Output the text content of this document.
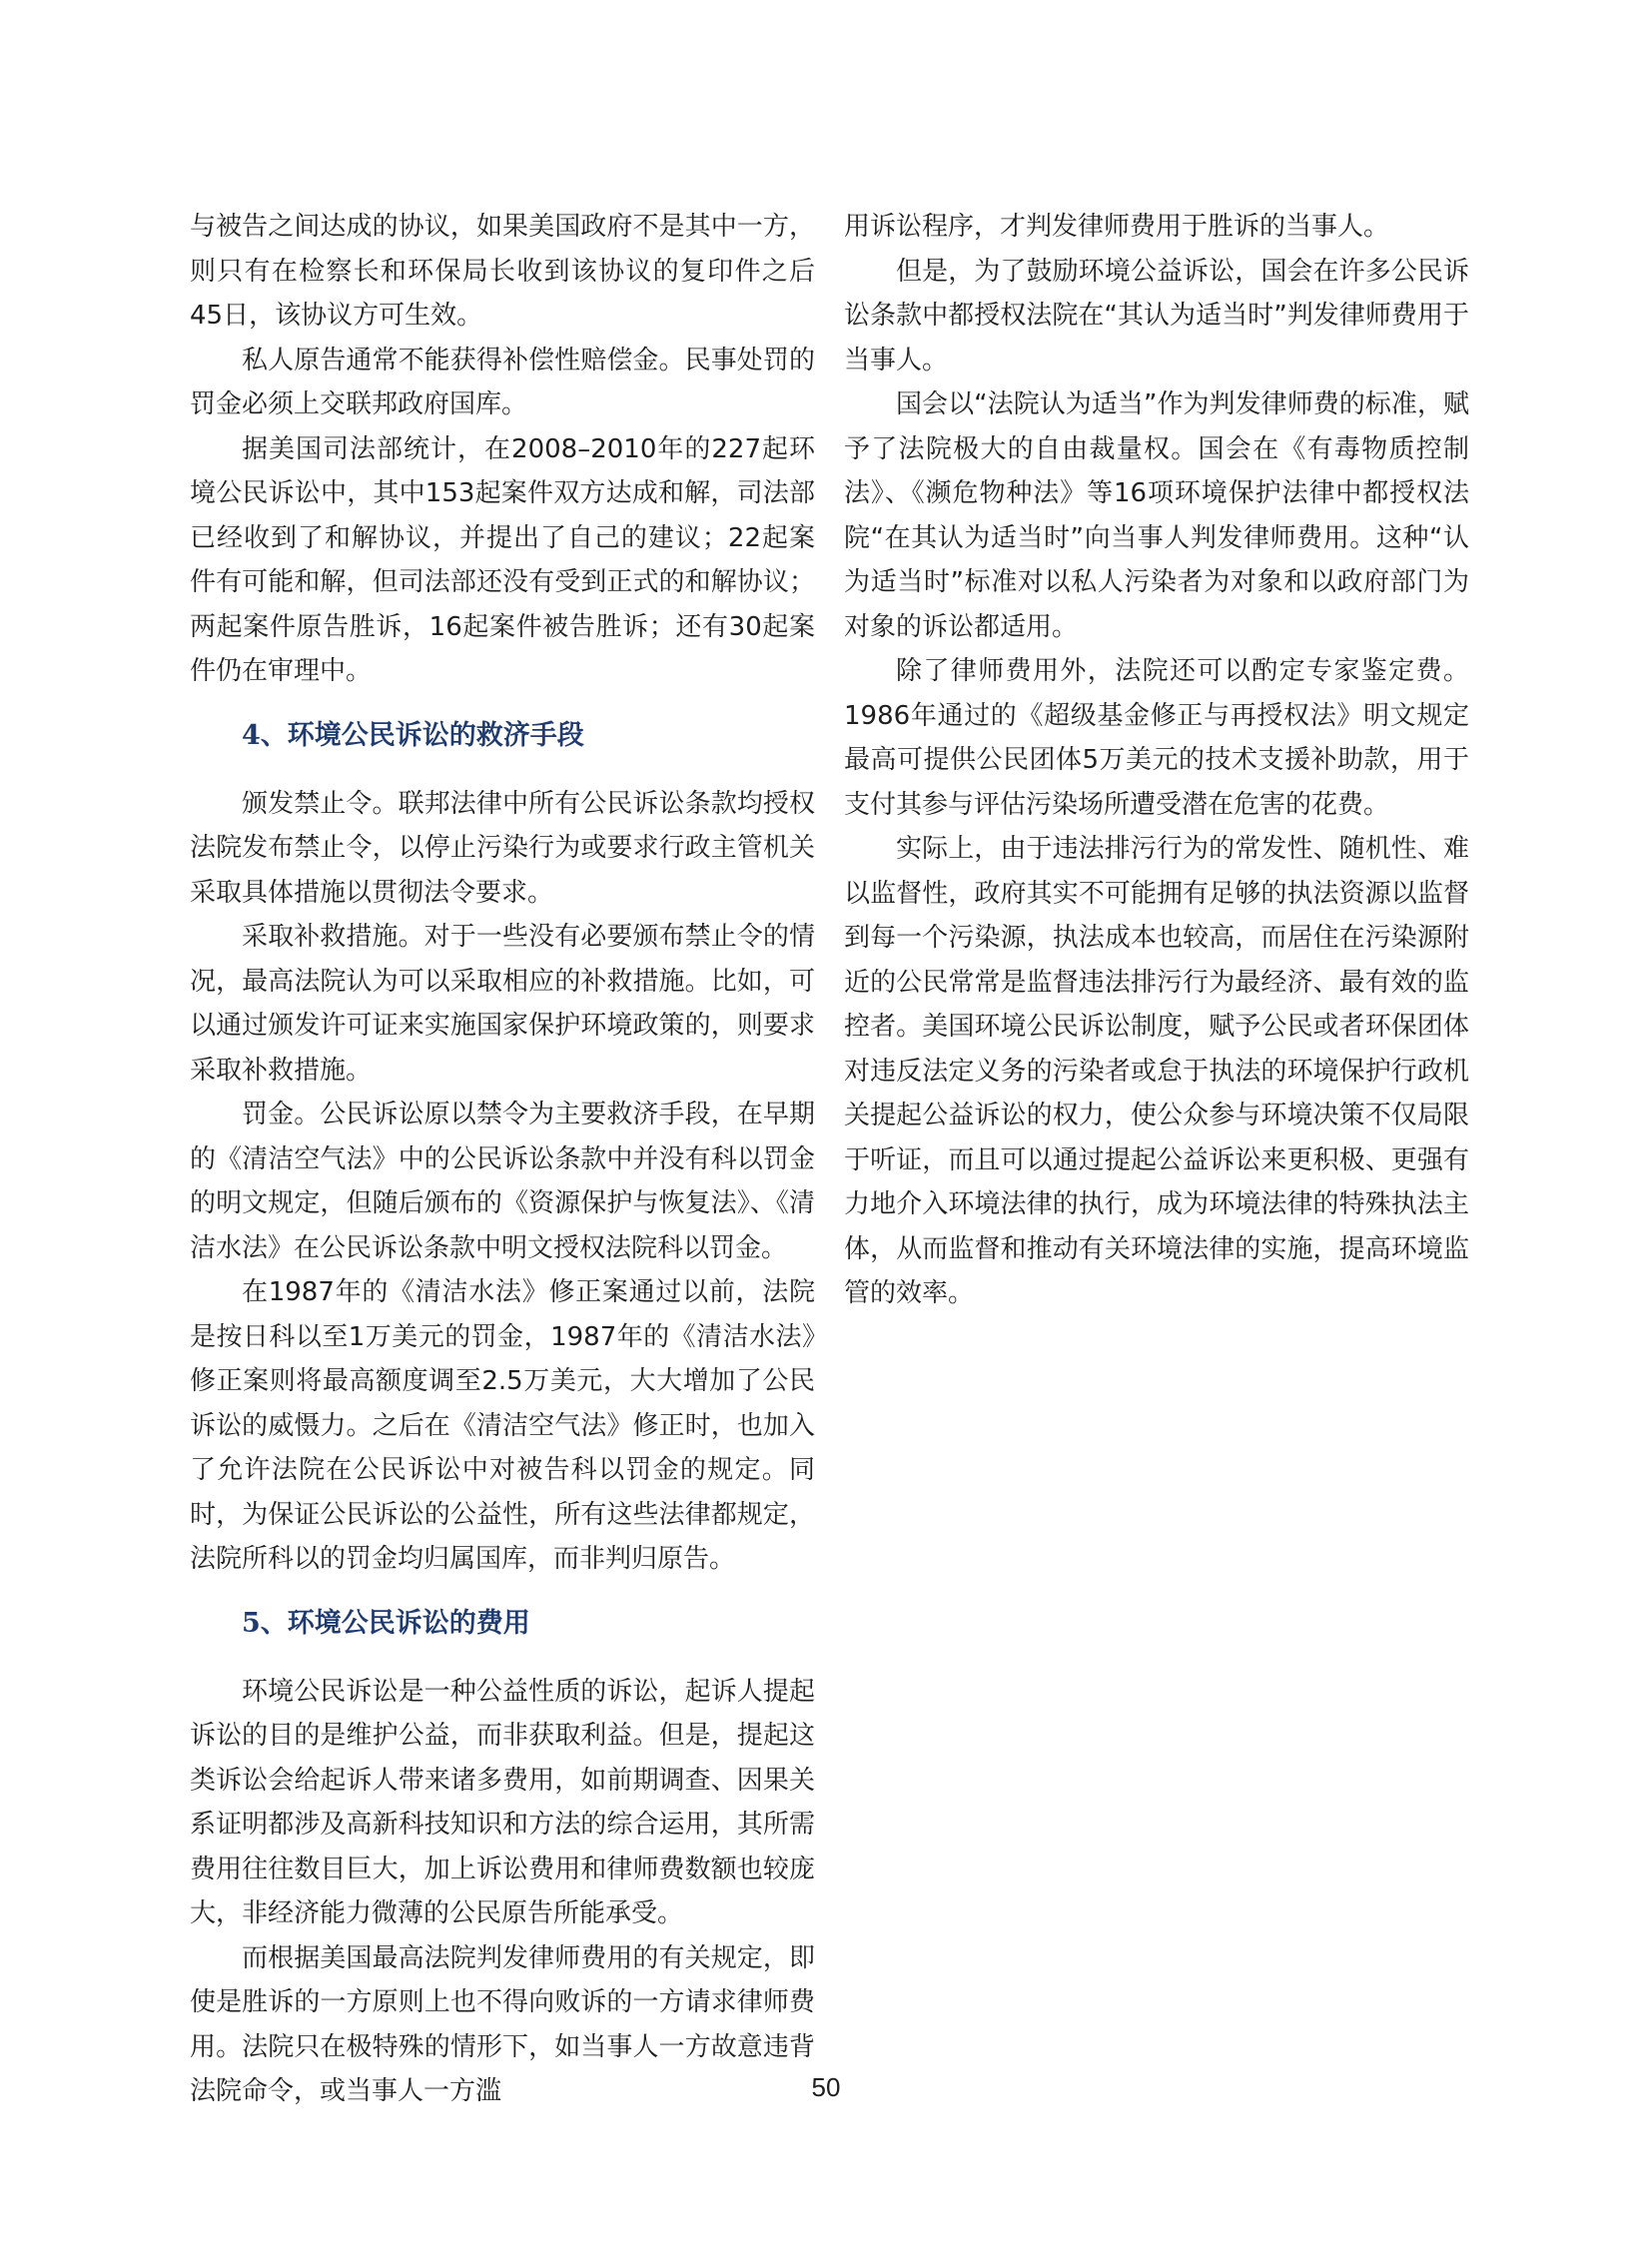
与被告之间达成的协议，如果美国政府不是其中一方，则只有在检察长和环保局长收到该协议的复印件之后45日，该协议方可生效。

私人原告通常不能获得补偿性赔偿金。民事处罚的罚金必须上交联邦政府国库。

据美国司法部统计，在2008–2010年的227起环境公民诉讼中，其中153起案件双方达成和解，司法部已经收到了和解协议，并提出了自己的建议；22起案件有可能和解，但司法部还没有受到正式的和解协议；两起案件原告胜诉，16起案件被告胜诉；还有30起案件仍在审理中。

4、环境公民诉讼的救济手段

颁发禁止令。联邦法律中所有公民诉讼条款均授权法院发布禁止令，以停止污染行为或要求行政主管机关采取具体措施以贯彻法令要求。

采取补救措施。对于一些没有必要颁布禁止令的情况，最高法院认为可以采取相应的补救措施。比如，可以通过颁发许可证来实施国家保护环境政策的，则要求采取补救措施。

罚金。公民诉讼原以禁令为主要救济手段，在早期的《清洁空气法》中的公民诉讼条款中并没有科以罚金的明文规定，但随后颁布的《资源保护与恢复法》、《清洁水法》在公民诉讼条款中明文授权法院科以罚金。

在1987年的《清洁水法》修正案通过以前，法院是按日科以至1万美元的罚金，1987年的《清洁水法》修正案则将最高额度调至2.5万美元，大大增加了公民诉讼的威慑力。之后在《清洁空气法》修正时，也加入了允许法院在公民诉讼中对被告科以罚金的规定。同时，为保证公民诉讼的公益性，所有这些法律都规定，法院所科以的罚金均归属国库，而非判归原告。

5、环境公民诉讼的费用

环境公民诉讼是一种公益性质的诉讼，起诉人提起诉讼的目的是维护公益，而非获取利益。但是，提起这类诉讼会给起诉人带来诸多费用，如前期调查、因果关系证明都涉及高新科技知识和方法的综合运用，其所需费用往往数目巨大，加上诉讼费用和律师费数额也较庞大，非经济能力微薄的公民原告所能承受。

而根据美国最高法院判发律师费用的有关规定，即使是胜诉的一方原则上也不得向败诉的一方请求律师费用。法院只在极特殊的情形下，如当事人一方故意违背法院命令，或当事人一方滥

用诉讼程序，才判发律师费用于胜诉的当事人。

但是，为了鼓励环境公益诉讼，国会在许多公民诉讼条款中都授权法院在“其认为适当时”判发律师费用于当事人。

国会以“法院认为适当”作为判发律师费的标准，赋予了法院极大的自由裁量权。国会在《有毒物质控制法》、《濒危物种法》等16项环境保护法律中都授权法院“在其认为适当时”向当事人判发律师费用。这种“认为适当时”标准对以私人污染者为对象和以政府部门为对象的诉讼都适用。

除了律师费用外，法院还可以酌定专家鉴定费。1986年通过的《超级基金修正与再授权法》明文规定最高可提供公民团体5万美元的技术支援补助款，用于支付其参与评估污染场所遭受潜在危害的花费。

实际上，由于违法排污行为的常发性、随机性、难以监督性，政府其实不可能拥有足够的执法资源以监督到每一个污染源，执法成本也较高，而居住在污染源附近的公民常常是监督违法排污行为最经济、最有效的监控者。美国环境公民诉讼制度，赋予公民或者环保团体对违反法定义务的污染者或怠于执法的环境保护行政机关提起公益诉讼的权力，使公众参与环境决策不仅局限于听证，而且可以通过提起公益诉讼来更积极、更强有力地介入环境法律的执行，成为环境法律的特殊执法主体，从而监督和推动有关环境法律的实施，提高环境监管的效率。

50
